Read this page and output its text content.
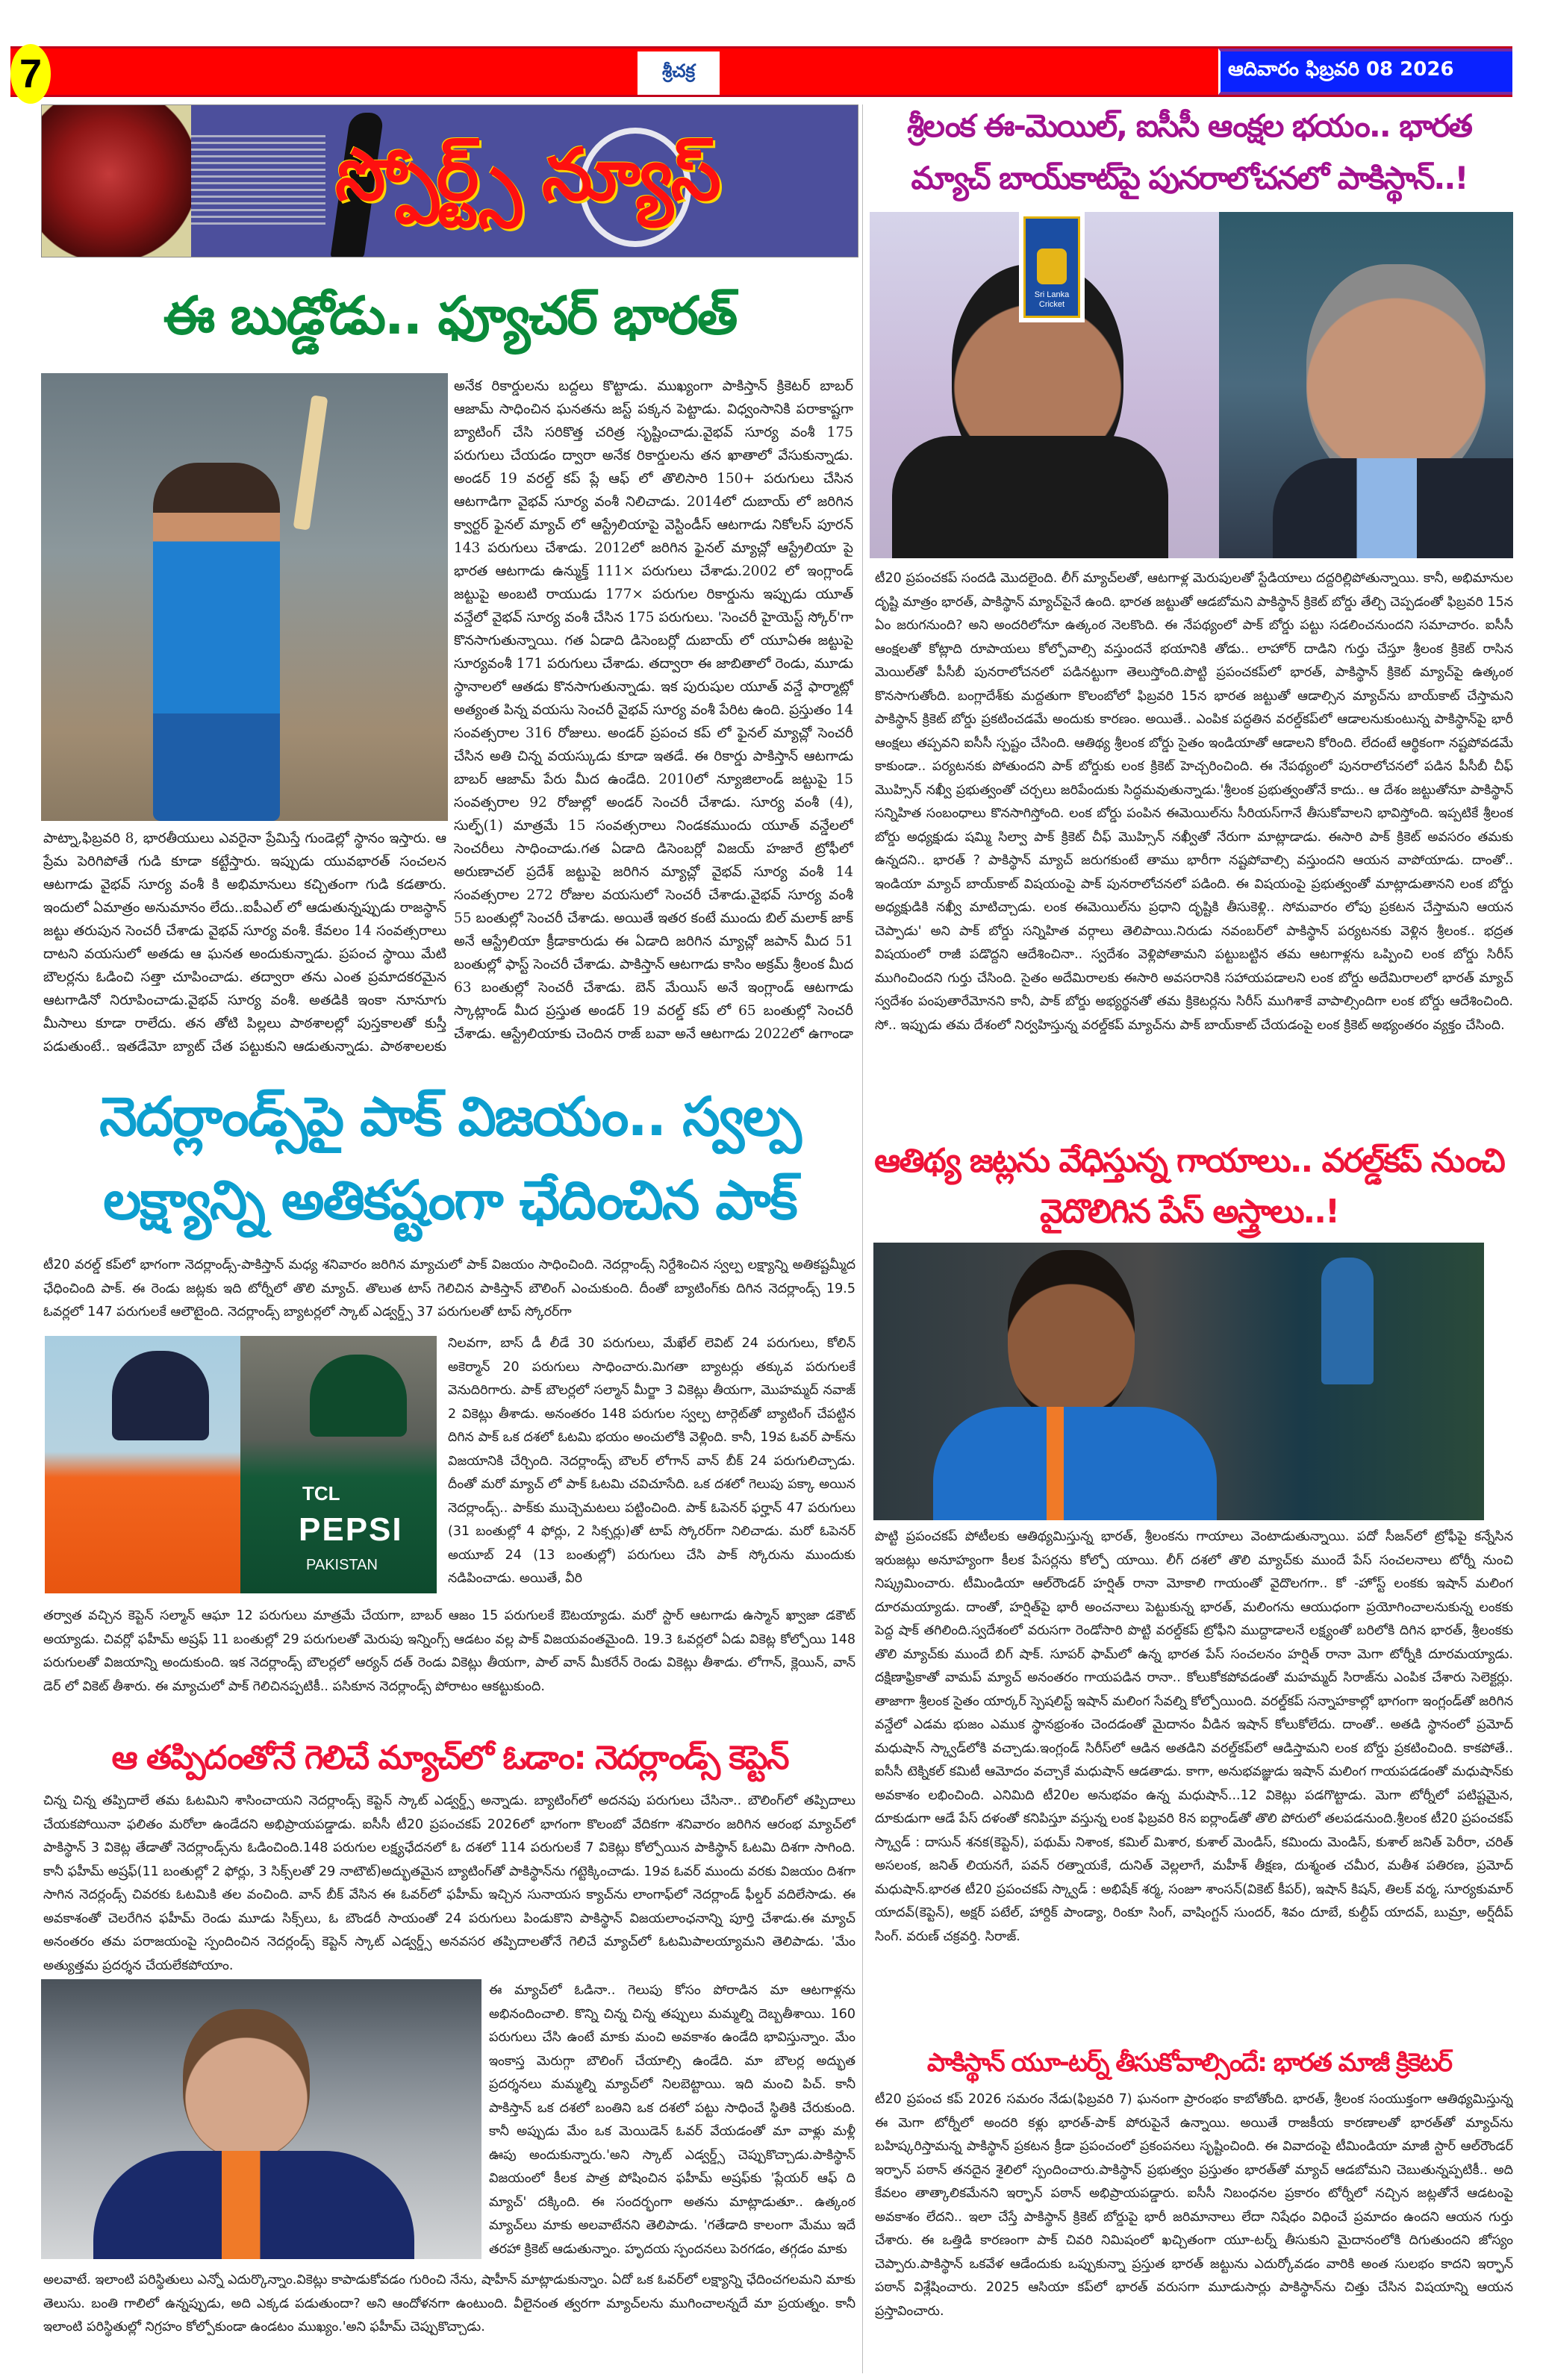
7	శ్రీచక్ర	ఆదివారం ఫిబ్రవరి 08 2026
స్పోర్ట్స్ న్యూస్
ఈ బుడ్డోడు.. ఫ్యూచర్ భారత్
అనేక రికార్డులను బద్దలు కొట్టాడు. ముఖ్యంగా పాకిస్తాన్ క్రికెటర్ బాబర్ ఆజామ్ సాధించిన ఘనతను జస్ట్ పక్కన పెట్టాడు. విధ్వంసానికి పరాకాష్టగా బ్యాటింగ్ చేసి సరికొత్త చరిత్ర సృష్టించాడు.వైభవ్ సూర్య వంశీ 175 పరుగులు చేయడం ద్వారా అనేక రికార్డులను తన ఖాతాలో వేసుకున్నాడు. అండర్ 19 వరల్డ్ కప్ ప్లే ఆఫ్ లో తొలిసారి 150+ పరుగులు చేసిన ఆటగాడిగా వైభవ్ సూర్య వంశీ నిలిచాడు. 2014లో దుబాయ్ లో జరిగిన క్వార్టర్ ఫైనల్ మ్యాచ్ లో ఆస్ట్రేలియాపై వెస్టిండీస్ ఆటగాడు నికోలస్ పూరన్ 143 పరుగులు చేశాడు. 2012లో జరిగిన ఫైనల్ మ్యాచ్లో ఆస్ట్రేలియా పై భారత ఆటగాడు ఉన్ముక్త్ 111× పరుగులు చేశాడు.2002 లో ఇంగ్లాండ్ జట్టుపై అంబటి రాయుడు 177× పరుగుల రికార్డును ఇప్పుడు యూత్ వన్డేలో వైభవ్ సూర్య వంశీ చేసిన 175 పరుగులు. 'సెంచరీ హైయెస్ట్ స్కోర్'గా కొనసాగుతున్నాయి. గత ఏడాది డిసెంబర్లో దుబాయ్ లో యూఏఈ జట్టుపై సూర్యవంశీ 171 పరుగులు చేశాడు. తద్వారా ఈ జాబితాలో రెండు, మూడు స్థానాలలో ఆతడు కొనసాగుతున్నాడు. ఇక పురుషుల యూత్ వన్డే ఫార్మాట్లో అత్యంత పిన్న వయసు సెంచరీ వైభవ్ సూర్య వంశీ పేరిట ఉంది. ప్రస్తుతం 14 సంవత్సరాల 316 రోజులు. అండర్ ప్రపంచ కప్ లో ఫైనల్ మ్యాచ్లో సెంచరీ చేసిన అతి చిన్న వయస్కుడు కూడా ఇతడే. ఈ రికార్డు పాకిస్తాన్ ఆటగాడు బాబర్ ఆజామ్ పేరు మీద ఉండేది. 2010లో న్యూజిలాండ్ జట్టుపై 15 సంవత్సరాల 92 రోజుల్లో అండర్ సెంచరీ చేశాడు. సూర్య వంశీ (4), సుల్ఫ్(1) మాత్రమే 15 సంవత్సరాలు నిండకముందు యూత్ వన్డేలలో సెంచరీలు సాధించాడు.గత ఏడాది డిసెంబర్లో విజయ్ హజారే ట్రోఫీలో అరుణాచల్ ప్రదేశ్ జట్టుపై జరిగిన మ్యాచ్లో వైభవ్ సూర్య వంశీ 14 సంవత్సరాల 272 రోజుల వయసులో సెంచరీ చేశాడు.వైభవ్ సూర్య వంశీ 55 బంతుల్లో సెంచరీ చేశాడు. అయితే ఇతర కంటే ముందు బిల్ మలాక్ జాక్ అనే ఆస్ట్రేలియా క్రీడాకారుడు ఈ ఏడాది జరిగిన మ్యాచ్లో జపాన్ మీద 51 బంతుల్లో ఫాస్ట్ సెంచరీ చేశాడు. పాకిస్తాన్ ఆటగాడు కాసిం అక్రమ్ శ్రీలంక మీద 63 బంతుల్లో సెంచరీ చేశాడు. బెన్ మేయిస్ అనే ఇంగ్లాండ్ ఆటగాడు స్కాట్లాండ్ మీద ప్రస్తుత అండర్ 19 వరల్డ్ కప్ లో 65 బంతుల్లో సెంచరీ చేశాడు. ఆస్ట్రేలియాకు చెందిన రాజ్ బవా అనే ఆటగాడు 2022లో ఉగాండా
పాట్నా,ఫిబ్రవరి 8, భారతీయులు ఎవరైనా ప్రేమిస్తే గుండెల్లో స్థానం ఇస్తారు. ఆ ప్రేమ పెరిగిపోతే గుడి కూడా కట్టేస్తారు. ఇప్పుడు యువభారత్ సంచలన ఆటగాడు వైభవ్ సూర్య వంశీ కి అభిమానులు కచ్చితంగా గుడి కడతారు. ఇందులో ఏమాత్రం అనుమానం లేదు..ఐపీఎల్ లో ఆడుతున్నప్పుడు రాజస్థాన్ జట్టు తరుపున సెంచరీ చేశాడు వైభవ్ సూర్య వంశీ. కేవలం 14 సంవత్సరాలు దాటని వయసులో అతడు ఆ ఘనత అందుకున్నాడు. ప్రపంచ స్థాయి మేటి బౌలర్లను ఓడించి సత్తా చూపించాడు. తద్వారా తను ఎంత ప్రమాదకరమైన ఆటగాడినో నిరూపించాడు.వైభవ్ సూర్య వంశీ. అతడికి ఇంకా నూనూగు మీసాలు కూడా రాలేదు. తన తోటి పిల్లలు పాఠశాలల్లో పుస్తకాలతో కుస్తీ పడుతుంటే.. ఇతడేమో బ్యాట్ చేత పట్టుకుని ఆడుతున్నాడు. పాఠశాలలకు
శ్రీలంక ఈ-మెయిల్, ఐసీసీ ఆంక్షల భయం.. భారత మ్యాచ్ బాయ్‌కాట్‌పై పునరాలోచనలో పాకిస్థాన్..!
Sri Lanka Cricket
టీ20 ప్రపంచకప్ సందడి మొదలైంది. లీగ్ మ్యాచ్‌లతో, ఆటగాళ్ల మెరుపులతో స్టేడియాలు దద్దరిల్లిపోతున్నాయి. కానీ, అభిమానుల దృష్టి మాత్రం భారత్, పాకిస్థాన్ మ్యాచ్‌పైనే ఉంది. భారత జట్టుతో ఆడబోమని పాకిస్థాన్ క్రికెట్ బోర్డు తేల్చి చెప్పడంతో ఫిబ్రవరి 15న ఏం జరుగనుంది? అని అందరిలోనూ ఉత్కంఠ నెలకొంది. ఈ నేపథ్యంలో పాక్ బోర్డు పట్టు సడలించనుందని సమాచారం. ఐసీసీ ఆంక్షలతో కోట్లాది రూపాయలు కోల్పోవాల్సి వస్తుందనే భయానికి తోడు.. లాహోర్ దాడిని గుర్తు చేస్తూ శ్రీలంక క్రికెట్ రాసిన మెయిల్‌తో పీసీబీ పునరాలోచనలో పడినట్టుగా తెలుస్తోంది.పొట్టి ప్రపంచకప్‌లో భారత్, పాకిస్థాన్ క్రికెట్ మ్యాచ్‌పై ఉత్కంఠ కొనసాగుతోంది. బంగ్లాదేశ్‌కు మద్దతుగా కొలంబోలో ఫిబ్రవరి 15న భారత జట్టుతో ఆడాల్సిన మ్యాచ్‌ను బాయ్‌కాట్ చేస్తామని పాకిస్థాన్ క్రికెట్ బోర్డు ప్రకటించడమే అందుకు కారణం. అయితే.. ఎంపిక పద్ధతిన వరల్డ్‌కప్‌లో ఆడాలనుకుంటున్న పాకిస్థాన్‌పై భారీ ఆంక్షలు తప్పవని ఐసీసీ స్పష్టం చేసింది. ఆతిథ్య శ్రీలంక బోర్డు సైతం ఇండియాతో ఆడాలని కోరింది. లేదంటే ఆర్థికంగా నష్టపోవడమే కాకుండా.. పర్యటనకు పోతుందని పాక్ బోర్డుకు లంక క్రికెట్ హెచ్చరించింది. ఈ నేపథ్యంలో పునరాలోచనలో పడిన పీసీబీ చీఫ్ మొహ్సిన్ నఖ్వీ ప్రభుత్వంతో చర్చలు జరిపేందుకు సిద్ధమవుతున్నాడు.'శ్రీలంక ప్రభుత్వంతోనే కాదు.. ఆ దేశం జట్టుతోనూ పాకిస్థాన్ సన్నిహిత సంబంధాలు కొనసాగిస్తోంది. లంక బోర్డు పంపిన ఈమెయిల్‌ను సీరియస్‌గానే తీసుకోవాలని భావిస్తోంది. ఇప్పటికే శ్రీలంక బోర్డు అధ్యక్షుడు షమ్మి సిల్వా పాక్ క్రికెట్ చీఫ్ మొహ్సిన్ నఖ్వీతో నేరుగా మాట్లాడాడు. ఈసారి పాక్ క్రికెట్ అవసరం తమకు ఉన్నదని.. భారత్ ? పాకిస్థాన్ మ్యాచ్ జరుగకుంటే తాము భారీగా నష్టపోవాల్సి వస్తుందని ఆయన వాపోయాడు. దాంతో.. ఇండియా మ్యాచ్ బాయ్‌కాట్ విషయంపై పాక్ పునరాలోచనలో పడింది. ఈ విషయంపై ప్రభుత్వంతో మాట్లాడుతానని లంక బోర్డు అధ్యక్షుడికి నఖ్వీ మాటిచ్చాడు. లంక ఈమెయిల్‌ను ప్రధాని దృష్టికి తీసుకెళ్లి.. సోమవారం లోపు ప్రకటన చేస్తామని ఆయన చెప్పాడు' అని పాక్ బోర్డు సన్నిహిత వర్గాలు తెలిపాయి.నిరుడు నవంబర్‌లో పాకిస్థాన్ పర్యటనకు వెళ్లిన శ్రీలంక.. భద్రత విషయంలో రాజీ పడొద్దని ఆదేశించినా.. స్వదేశం వెళ్లిపోతామని పట్టుబట్టిన తమ ఆటగాళ్లను ఒప్పించి లంక బోర్డు సిరీస్ ముగించిందని గుర్తు చేసింది. సైతం అదేమిరాలకు ఈసారి అవసరానికి సహాయపడాలని లంక బోర్డు అదేమిరాలలో భారత్ మ్యాచ్ స్వదేశం పంపుతారేమోనని కానీ, పాక్ బోర్డు అభ్యర్థనతో తమ క్రికెటర్లను సిరీస్ ముగిశాకే వాపాల్సిందిగా లంక బోర్డు ఆదేశించింది. సో.. ఇప్పుడు తమ దేశంలో నిర్వహిస్తున్న వరల్డ్‌కప్ మ్యాచ్‌ను పాక్ బాయ్‌కాట్ చేయడంపై లంక క్రికెట్ అభ్యంతరం వ్యక్తం చేసింది.
నెదర్లాండ్స్‌పై పాక్ విజయం.. స్వల్ప లక్ష్యాన్ని అతికష్టంగా ఛేదించిన పాక్
టీ20 వరల్డ్ కప్‌లో భాగంగా నెదర్లాండ్స్-పాకిస్తాన్ మధ్య శనివారం జరిగిన మ్యాచులో పాక్ విజయం సాధించింది. నెదర్లాండ్స్ నిర్దేశించిన స్వల్ప లక్ష్యాన్ని అతికష్టమ్మీద ఛేధించింది పాక్. ఈ రెండు జట్లకు ఇది టోర్నీలో తొలి మ్యాచ్. తొలుత టాస్ గెలిచిన పాకిస్తాన్ బౌలింగ్ ఎంచుకుంది. దీంతో బ్యాటింగ్‌కు దిగిన నెదర్లాండ్స్ 19.5 ఓవర్లలో 147 పరుగులకే ఆలౌటైంది. నెదర్లాండ్స్ బ్యాటర్లలో స్కాట్ ఎడ్వర్డ్స్ 37 పరుగులతో టాప్ స్కోరర్‌గా
TCL
PEPSI
PAKISTAN
నిలవగా, బాస్ డీ లీడే 30 పరుగులు, మేఖేల్ లెవిట్ 24 పరుగులు, కోలిన్ అకెర్మాన్ 20 పరుగులు సాధించారు.మిగతా బ్యాటర్లు తక్కువ పరుగులకే వెనుదిరిగారు. పాక్ బౌలర్లలో సల్మాన్ మీర్జా 3 వికెట్లు తీయగా, మొహమ్మద్ నవాజ్ 2 వికెట్లు తీశాడు. అనంతరం 148 పరుగుల స్వల్ప టార్గెట్‌తో బ్యాటింగ్ చేపట్టిన దిగిన పాక్ ఒక దశలో ఓటమి భయం అంచులోకి వెళ్లింది. కానీ, 19వ ఓవర్ పాక్‌ను విజయానికి చేర్చింది. నెదర్లాండ్స్ బౌలర్ లోగాన్ వాన్ బీక్ 24 పరుగులిచ్చాడు. దీంతో మరో మ్యాచ్ లో పాక్ ఓటమి చవిచూసేది. ఒక దశలో గెలుపు పక్కా అయిన నెదర్లాండ్స్.. పాక్‌కు ముచ్చెమటలు పట్టించింది. పాక్ ఓపెనర్ ఫర్హాన్ 47 పరుగులు (31 బంతుల్లో 4 ఫోర్లు, 2 సిక్సర్లు)తో టాప్ స్కోరర్‌గా నిలిచాడు. మరో ఓపెనర్ అయూబ్ 24 (13 బంతుల్లో) పరుగులు చేసి పాక్ స్కోరును ముందుకు నడిపించాడు. అయితే, వీరి
తర్వాత వచ్చిన కెప్టెన్ సల్మాన్ ఆఘా 12 పరుగులు మాత్రమే చేయగా, బాబర్ ఆజం 15 పరుగులకే ఔటయ్యాడు. మరో స్టార్ ఆటగాడు ఉస్మాన్ ఖ్వాజా డకౌట్ అయ్యాడు. చివర్లో ఫహీమ్ అష్రఫ్ 11 బంతుల్లో 29 పరుగులతో మెరుపు ఇన్నింగ్స్ ఆడటం వల్ల పాక్ విజయవంతమైంది. 19.3 ఓవర్లలో ఏడు వికెట్ల కోల్పోయి 148 పరుగులతో విజయాన్ని అందుకుంది. ఇక నెదర్లాండ్స్ బౌలర్లలో ఆర్యన్ దత్ రెండు వికెట్లు తీయగా, పాల్ వాన్ మీకరేన్ రెండు వికెట్లు తీశాడు. లోగాన్, క్లెయిన్, వాన్ డెర్ లో వికెట్ తీశారు. ఈ మ్యాచులో పాక్ గెలిచినప్పటికీ.. పసికూన నెదర్లాండ్స్ పోరాటం ఆకట్టుకుంది.
ఆ తప్పిదంతోనే గెలిచే మ్యాచ్‌లో ఓడాం: నెదర్లాండ్స్ కెప్టెన్
చిన్న చిన్న తప్పిదాలే తమ ఓటమిని శాసించాయని నెదర్లాండ్స్ కెప్టెన్ స్కాట్ ఎడ్వర్డ్స్ అన్నాడు. బ్యాటింగ్‌లో అదనపు పరుగులు చేసినా.. బౌలింగ్‌లో తప్పిదాలు చేయకపోయినా ఫలితం మరోలా ఉండేదని అభిప్రాయపడ్డాడు. ఐసీసీ టీ20 ప్రపంచకప్ 2026లో భాగంగా కొలంబో వేదికగా శనివారం జరిగిన ఆరంభ మ్యాచ్‌లో పాకిస్థాన్ 3 వికెట్ల తేడాతో నెదర్లాండ్స్‌ను ఓడించింది.148 పరుగుల లక్ష్యఛేదనలో ఓ దశలో 114 పరుగులకే 7 వికెట్లు కోల్పోయిన పాకిస్థాన్ ఓటమి దిశగా సాగింది. కానీ ఫహీమ్ అష్రఫ్(11 బంతుల్లో 2 ఫోర్లు, 3 సిక్స్‌లతో 29 నాటౌట్)అద్భుతమైన బ్యాటింగ్‌తో పాకిస్థాన్‌ను గట్టెక్కించాడు. 19వ ఓవర్ ముందు వరకు విజయం దిశగా సాగిన నెదర్లండ్స్ చివరకు ఓటమికి తల వంచింది. వాన్ బీక్ వేసిన ఈ ఓవర్‌లో ఫహీమ్ ఇచ్చిన సునాయస క్యాచ్‌ను లాంగాఫ్‌లో నెదర్లాండ్ ఫీల్డర్ వదిలేసాడు. ఈ అవకాశంతో చెలరేగిన ఫహీమ్ రెండు మూడు సిక్స్‌లు, ఓ బౌండరీ సాయంతో 24 పరుగులు పిండుకొని పాకిస్థాన్ విజయలాంఛనాన్ని పూర్తి చేశాడు.ఈ మ్యాచ్ అనంతరం తమ పరాజయంపై స్పందించిన నెదర్లండ్స్ కెప్టెన్ స్కాట్ ఎడ్వర్డ్స్ అనవసర తప్పిదాలతోనే గెలిచే మ్యాచ్‌లో ఓటమిపాలయ్యామని తెలిపాడు. 'మేం అత్యుత్తమ ప్రదర్శన చేయలేకపోయాం.
ఈ మ్యాచ్‌లో ఓడినా.. గెలుపు కోసం పోరాడిన మా ఆటగాళ్లను అభినందించాలి. కొన్ని చిన్న చిన్న తప్పులు మమ్మల్ని దెబ్బతీశాయి. 160 పరుగులు చేసి ఉంటే మాకు మంచి అవకాశం ఉండేది భావిస్తున్నాం. మేం ఇంకాస్త మెరుగ్గా బౌలింగ్ చేయాల్సి ఉండేది. మా బౌలర్ల అద్భుత ప్రదర్శనలు మమ్మల్ని మ్యాచ్‌లో నిలబెట్టాయి. ఇది మంచి పిచ్. కానీ పాకిస్తాన్ ఒక దశలో బంతిని ఒక దశలో పట్టు సాధించే స్థితికి చేరుకుంది. కానీ అప్పుడు మేం ఒక మెయిడెన్ ఓవర్ వేయడంతో మా వాళ్లు మళ్లీ ఊపు అందుకున్నారు.'అని స్కాట్ ఎడ్వర్డ్స్ చెప్పుకొచ్చాడు.పాకిస్థాన్ విజయంలో కీలక పాత్ర పోషించిన ఫహీమ్ అష్రఫ్‌కు 'ప్లేయర్ ఆఫ్ ది మ్యాచ్' దక్కింది. ఈ సందర్భంగా అతను మాట్లాడుతూ.. ఉత్కంఠ మ్యాచ్‌లు మాకు అలవాటేనని తెలిపాడు. 'గతేడాది కాలంగా మేము ఇదే తరహా క్రికెట్ ఆడుతున్నాం. హృదయ స్పందనలు పెరగడం, తగ్గడం మాకు
అలవాటే. ఇలాంటి పరిస్థితులు ఎన్నో ఎదుర్కొన్నాం.వికెట్లు కాపాడుకోవడం గురించి నేను, షాహీన్ మాట్లాడుకున్నాం. ఏదో ఒక ఓవర్‌లో లక్ష్యాన్ని ఛేదించగలమని మాకు తెలుసు. బంతి గాలిలో ఉన్నప్పుడు, అది ఎక్కడ పడుతుందా? అని ఆందోళనగా ఉంటుంది. వీలైనంత త్వరగా మ్యాచ్‌లను ముగించాలన్నదే మా ప్రయత్నం. కానీ ఇలాంటి పరిస్థితుల్లో నిగ్రహం కోల్పోకుండా ఉండటం ముఖ్యం.'అని ఫహీమ్ చెప్పుకొచ్చాడు.
ఆతిథ్య జట్లను వేధిస్తున్న గాయాలు.. వరల్డ్‌కప్ నుంచి వైదొలిగిన పేస్ అస్త్రాలు..!
పొట్టి ప్రపంచకప్ పోటీలకు ఆతిథ్యమిస్తున్న భారత్, శ్రీలంకను గాయాలు వెంటాడుతున్నాయి. పదో సీజన్‌లో ట్రోఫీపై కన్నేసిన ఇరుజట్లు అనూహ్యంగా కీలక పేసర్లను కోల్పో యాయి. లీగ్ దశలో తొలి మ్యాచ్‌కు ముందే పేస్ సంచలనాలు టోర్నీ నుంచి నిష్క్రమించారు. టీమిండియా ఆల్‌రౌండర్ హర్షిత్ రానా మోకాలి గాయంతో వైదొలగగా.. కో -హోస్ట్ లంకకు ఇషాన్ మలింగ దూరమయ్యాడు. దాంతో, హర్షిత్‌పై భారీ అంచనాలు పెట్టుకున్న భారత్, మలింగను ఆయుధంగా ప్రయోగించాలనుకున్న లంకకు పెద్ద షాక్ తగిలింది.స్వదేశంలో వరుసగా రెండోసారి పొట్టి వరల్డ్‌కప్ ట్రోఫీని ముద్దాడాలనే లక్ష్యంతో బరిలోకి దిగిన భారత్, శ్రీలంకకు తొలి మ్యాచ్‌కు ముందే బిగ్ షాక్. సూపర్ ఫామ్‌లో ఉన్న భారత పేస్ సంచలనం హర్షిత్ రానా మెగా టోర్నీకి దూరమయ్యాడు. దక్షిణాఫ్రికాతో వామప్ మ్యాచ్ అనంతరం గాయపడిన రానా.. కోలుకోకపోవడంతో మహమ్మద్ సిరాజ్‌ను ఎంపిక చేశారు సెలెక్టర్లు. తాజాగా శ్రీలంక సైతం యార్కర్ స్పెషలిస్ట్ ఇషాన్ మలింగ సేవల్ని కోల్పోయింది. వరల్డ్‌కప్ సన్నాహకాల్లో భాగంగా ఇంగ్లండ్‌తో జరిగిన వన్డేలో ఎడమ భుజం ఎముక స్థానభ్రంశం చెందడంతో మైదానం వీడిన ఇషాన్ కోలుకోలేదు. దాంతో.. అతడి స్థానంలో ప్రమోద్ మధుషాన్ స్క్వాడ్‌లోకి వచ్చాడు.ఇంగ్లండ్ సిరీస్‌లో ఆడిన అతడిని వరల్డ్‌కప్‌లో ఆడిస్తామని లంక బోర్డు ప్రకటించింది. కాకపోతే.. ఐసీసీ టెక్నికల్ కమిటీ ఆమోదం వచ్చాకే మధుషాన్ ఆడతాడు. కాగా, అనుభవజ్ఞుడు ఇషాన్ మలింగ గాయపడడంతో మధుషాన్‌కు అవకాశం లభించింది. ఎనిమిది టీ20ల అనుభవం ఉన్న మధుషాన్...12 వికెట్లు పడగొట్టాడు. మెగా టోర్నీలో పటిష్టమైన, దూకుడుగా ఆడే పేస్ దళంతో కనిపిస్తూ వస్తున్న లంక ఫిబ్రవరి 8న ఐర్లాండ్‌తో తొలి పోరులో తలపడనుంది.శ్రీలంక టీ20 ప్రపంచకప్ స్క్వాడ్ : దాసున్ శనక(కెప్టెన్), పథుమ్ నిశాంక, కమిల్ మిశార, కుశాల్ మెండిస్, కమిందు మెండిస్, కుశాల్ జనిత్ పెరీరా, చరిత్ అసలంక, జనిత్ లియనగే, పవన్ రత్నాయకే, దునిత్ వెల్లలాగే, మహీశ్ తీక్షణ, దుశ్మంత చమీర, మతీశ పతిరణ, ప్రమోద్ మధుషాన్.భారత టీ20 ప్రపంచకప్ స్క్వాడ్ : అభిషేక్ శర్మ, సంజూ శాంసన్(వికెట్ కీపర్), ఇషాన్ కిషన్, తిలక్ వర్మ, సూర్యకుమార్ యాదవ్(కెప్టెన్), అక్షర్ పటేల్, హార్దిక్ పాండ్యా, రింకూ సింగ్, వాషింగ్టన్ సుందర్, శివం దూబే, కుల్దీప్ యాదవ్, బుమ్రా, అర్ష్‌దీప్ సింగ్. వరుణ్ చక్రవర్తి. సిరాజ్.
పాకిస్థాన్ యూ-టర్న్ తీసుకోవాల్సిందే: భారత మాజీ క్రికెటర్
టీ20 ప్రపంచ కప్ 2026 సమరం నేడు(ఫిబ్రవరి 7) ఘనంగా ప్రారంభం కాబోతోంది. భారత్, శ్రీలంక సంయుక్తంగా ఆతిథ్యమిస్తున్న ఈ మెగా టోర్నీలో అందరి కళ్లు భారత్-పాక్ పోరుపైనే ఉన్నాయి. అయితే రాజకీయ కారణాలతో భారత్‌తో మ్యాచ్‌ను బహిష్కరిస్తామన్న పాకిస్థాన్ ప్రకటన క్రీడా ప్రపంచంలో ప్రకంపనలు సృష్టించింది. ఈ వివాదంపై టీమిండియా మాజీ స్టార్ ఆల్‌రౌండర్ ఇర్ఫాన్ పఠాన్ తనదైన శైలిలో స్పందించారు.పాకిస్థాన్ ప్రభుత్వం ప్రస్తుతం భారత్‌తో మ్యాచ్ ఆడబోమని చెబుతున్నప్పటికీ.. అది కేవలం తాత్కాలికమేనని ఇర్ఫాన్ పఠాన్ అభిప్రాయపడ్డారు. ఐసీసీ నిబంధనల ప్రకారం టోర్నీలో నచ్చిన జట్లతోనే ఆడటంపై అవకాశం లేదని.. ఇలా చేస్తే పాకిస్థాన్ క్రికెట్ బోర్డుపై భారీ జరిమానాలు లేదా నిషేధం విధించే ప్రమాదం ఉందని ఆయన గుర్తు చేశారు. ఈ ఒత్తిడి కారణంగా పాక్ చివరి నిమిషంలో ఖచ్చితంగా యూ-టర్న్ తీసుకుని మైదానంలోకి దిగుతుందని జోస్యం చెప్పారు.పాకిస్థాన్ ఒకవేళ ఆడేందుకు ఒప్పుకున్నా ప్రస్తుత భారత్ జట్టును ఎదుర్కోవడం వారికి అంత సులభం కాదని ఇర్ఫాన్ పఠాన్ విశ్లేషించారు. 2025 ఆసియా కప్‌లో భారత్ వరుసగా మూడుసార్లు పాకిస్థాన్‌ను చిత్తు చేసిన విషయాన్ని ఆయన ప్రస్తావించారు.
